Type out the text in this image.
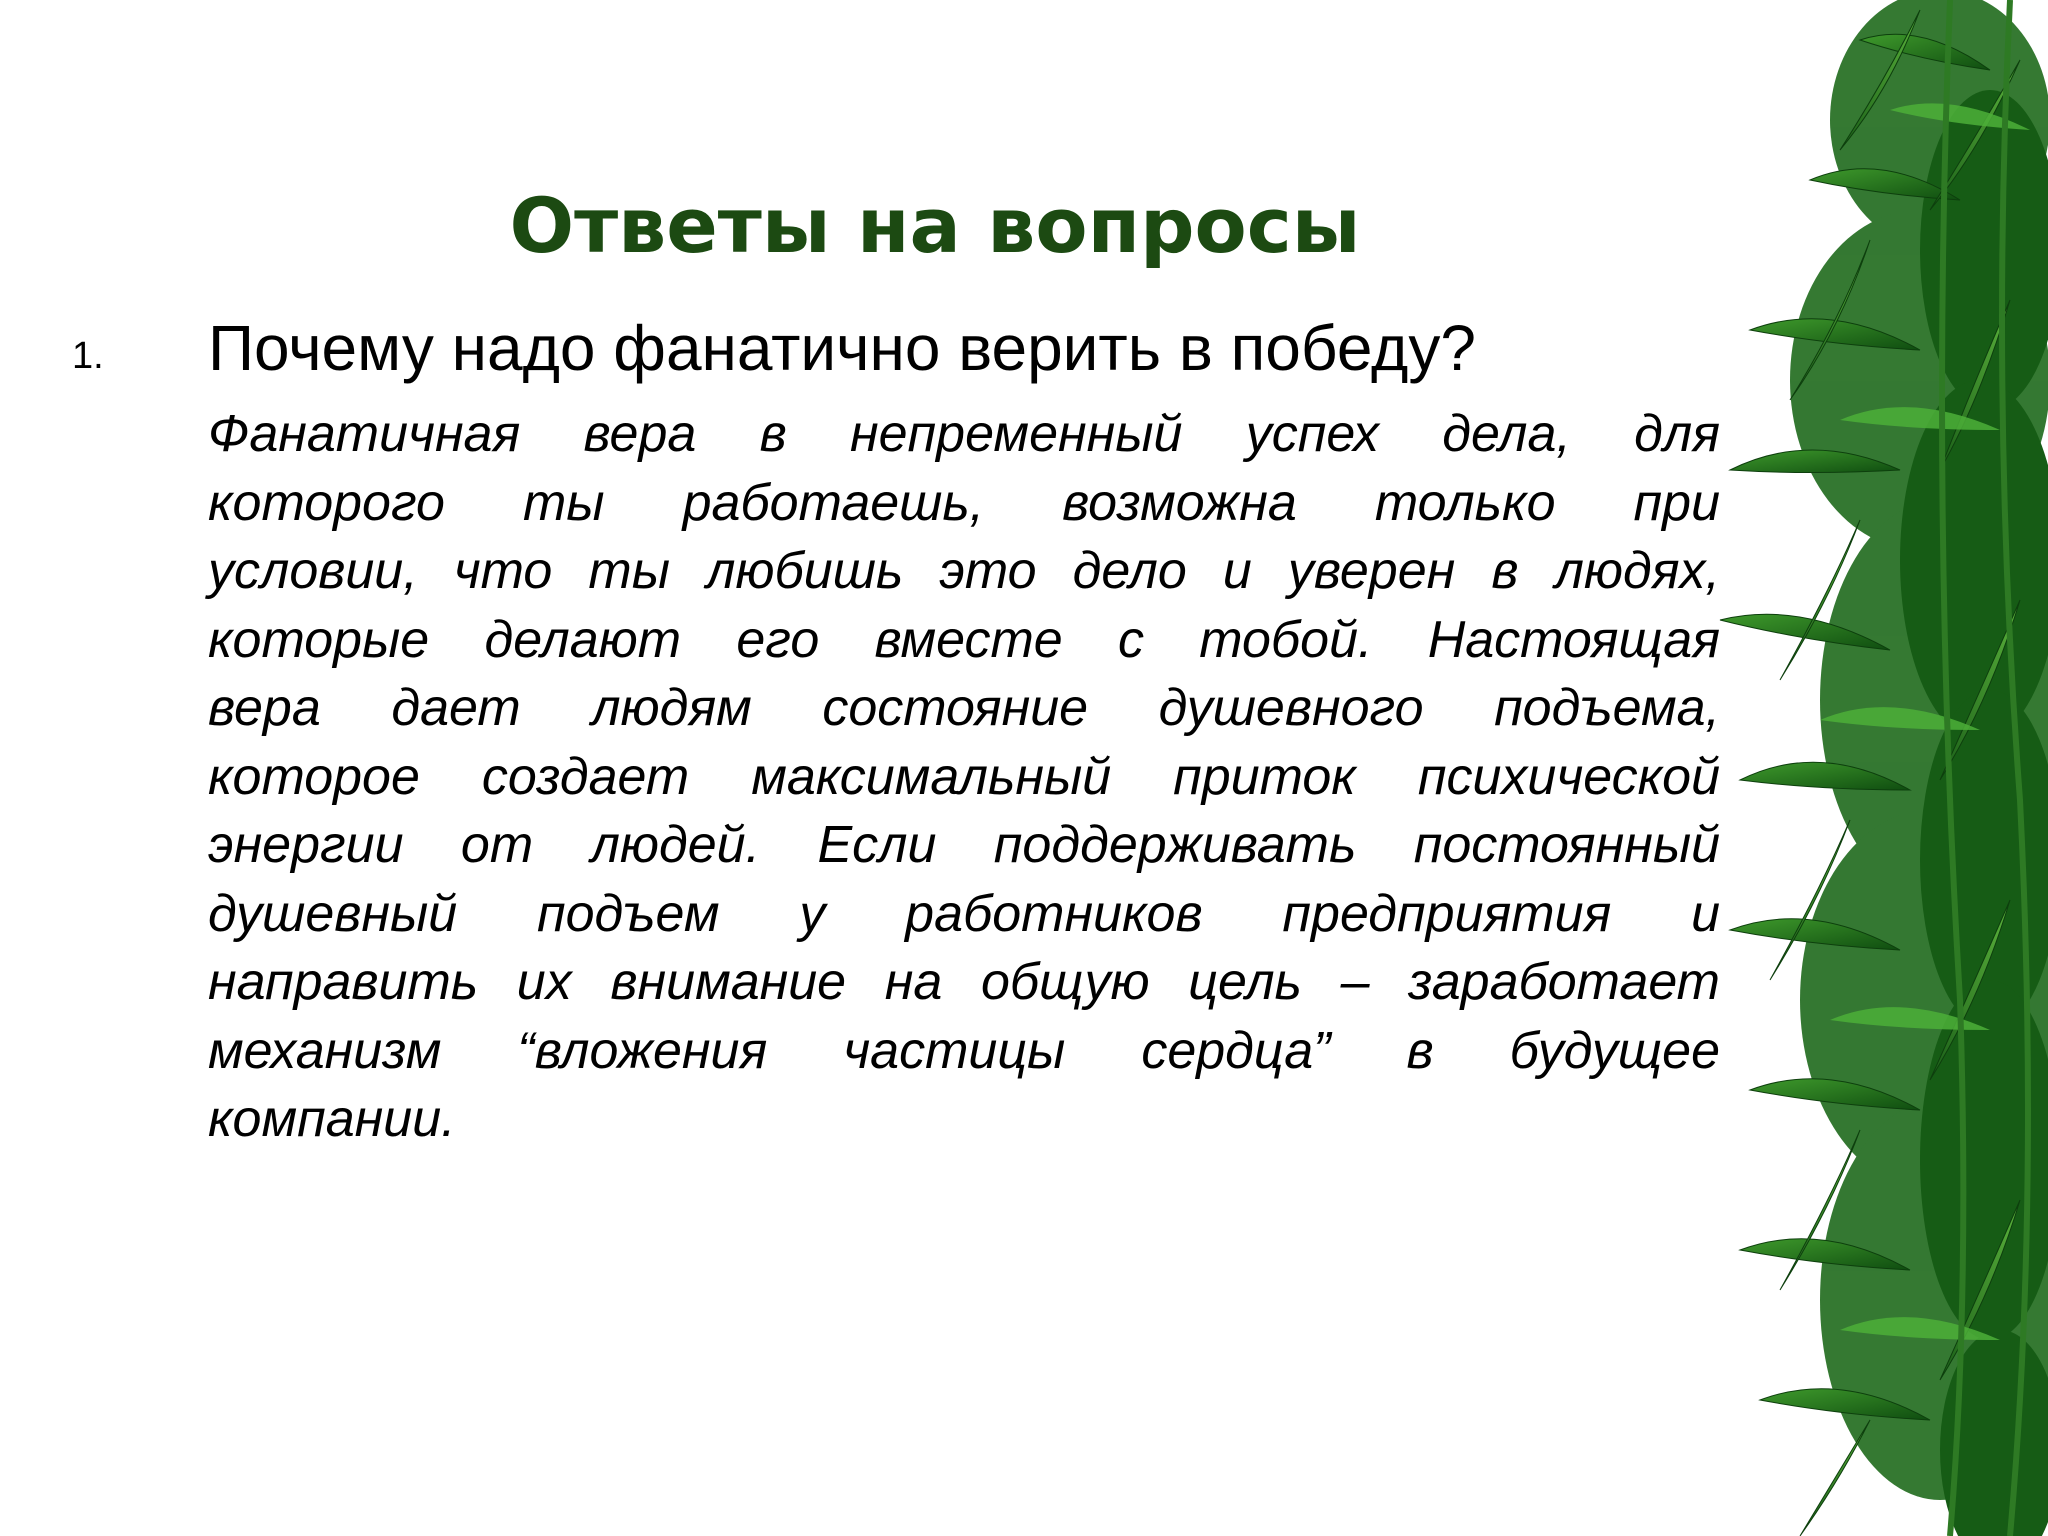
Ответы на вопросы
1. Почему надо фанатично верить в победу?
Фанатичная вера в непременный успех дела, для
которого ты работаешь, возможна только при
условии, что ты любишь это дело и уверен в людях,
которые делают его вместе с тобой. Настоящая
вера дает людям состояние душевного подъема,
которое создает максимальный приток психической
энергии от людей. Если поддерживать постоянный
душевный подъем у работников предприятия и
направить их внимание на общую цель – заработает
механизм “вложения частицы сердца” в будущее
компании.
